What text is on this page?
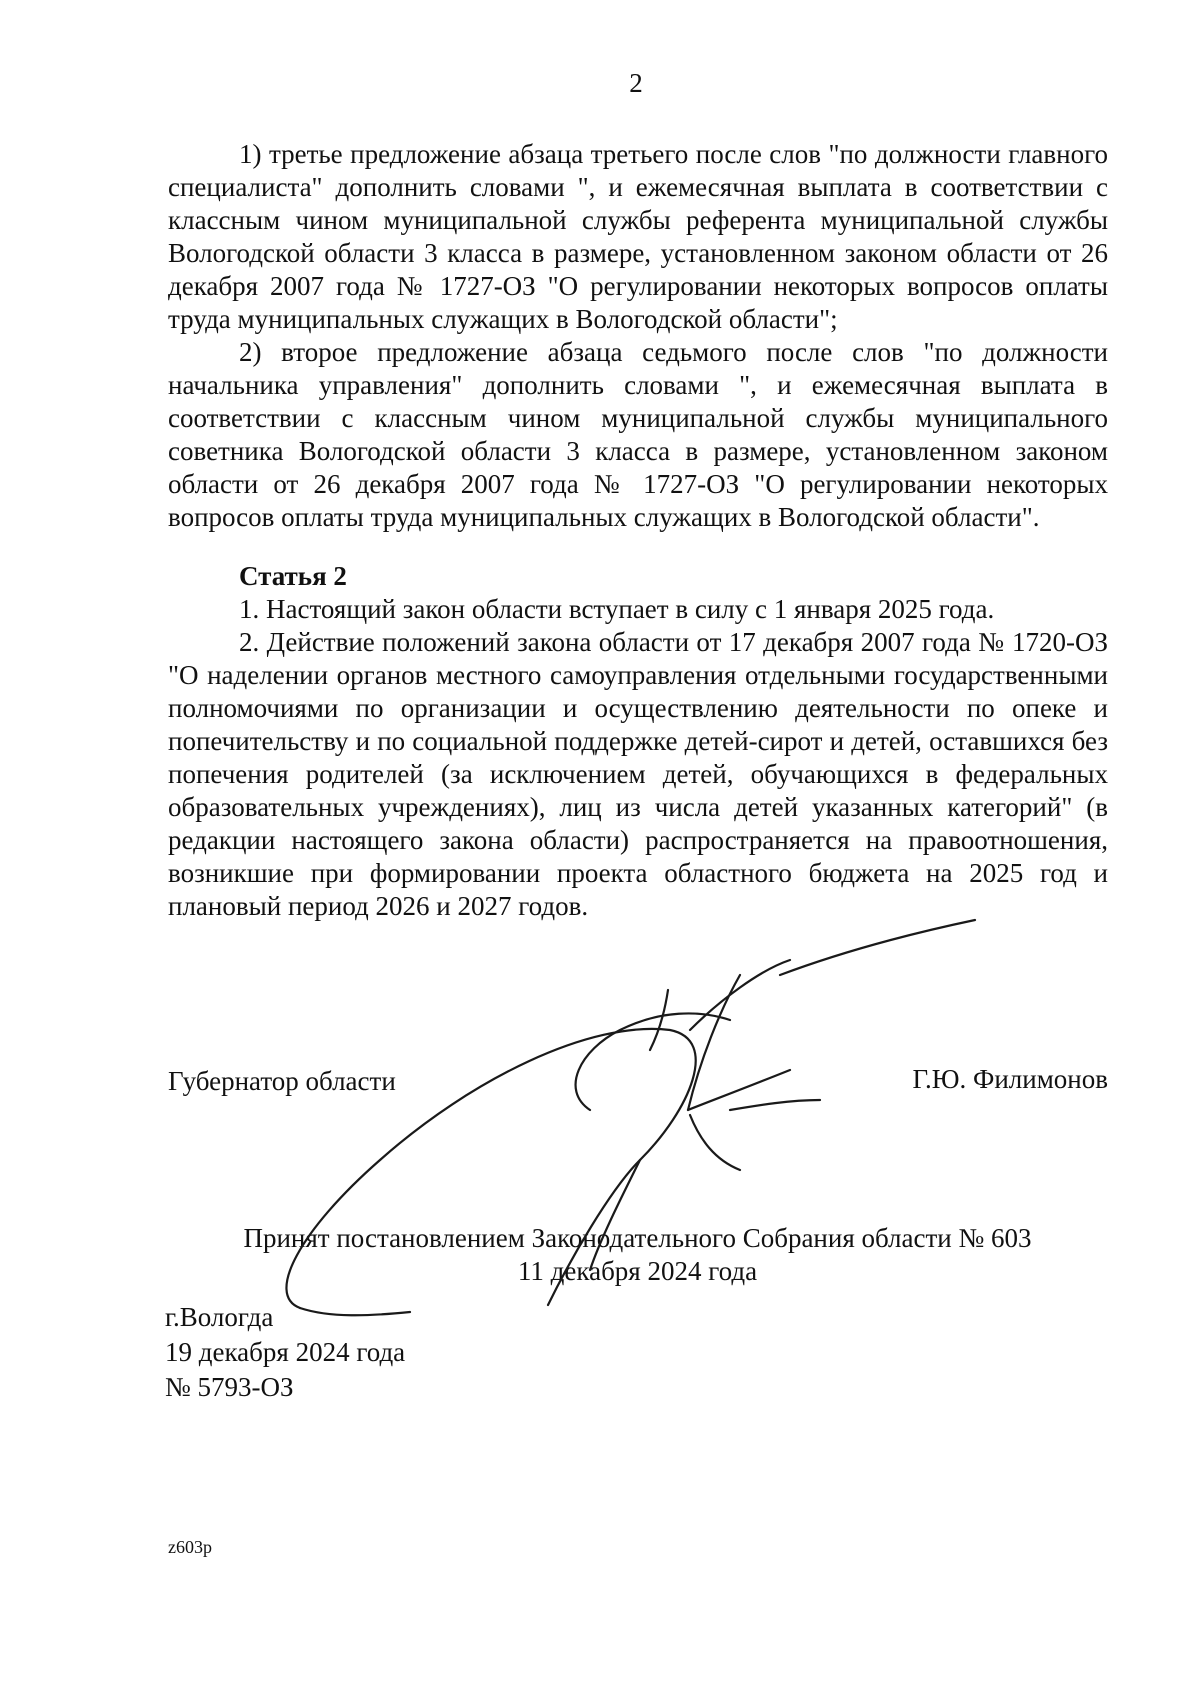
2

1) третье предложение абзаца третьего после слов "по должности главного специалиста" дополнить словами ", и ежемесячная выплата в соответствии с классным чином муниципальной службы референта муниципальной службы Вологодской области 3 класса в размере, установленном законом области от 26 декабря 2007 года № 1727-ОЗ "О регулировании некоторых вопросов оплаты труда муниципальных служащих в Вологодской области";

2) второе предложение абзаца седьмого после слов "по должности начальника управления" дополнить словами ", и ежемесячная выплата в соответствии с классным чином муниципальной службы муниципального советника Вологодской области 3 класса в размере, установленном законом области от 26 декабря 2007 года № 1727-ОЗ "О регулировании некоторых вопросов оплаты труда муниципальных служащих в Вологодской области".

Статья 2

1. Настоящий закон области вступает в силу с 1 января 2025 года.

2. Действие положений закона области от 17 декабря 2007 года № 1720-ОЗ "О наделении органов местного самоуправления отдельными государственными полномочиями по организации и осуществлению деятельности по опеке и попечительству и по социальной поддержке детей-сирот и детей, оставшихся без попечения родителей (за исключением детей, обучающихся в федеральных образовательных учреждениях), лиц из числа детей указанных категорий" (в редакции настоящего закона области) распространяется на правоотношения, возникшие при формировании проекта областного бюджета на 2025 год и плановый период 2026 и 2027 годов.

Губернатор области	Г.Ю. Филимонов
Принят постановлением Законодательного Собрания области № 603
11 декабря 2024 года
г.Вологда
19 декабря 2024 года
№ 5793-ОЗ
z603p
